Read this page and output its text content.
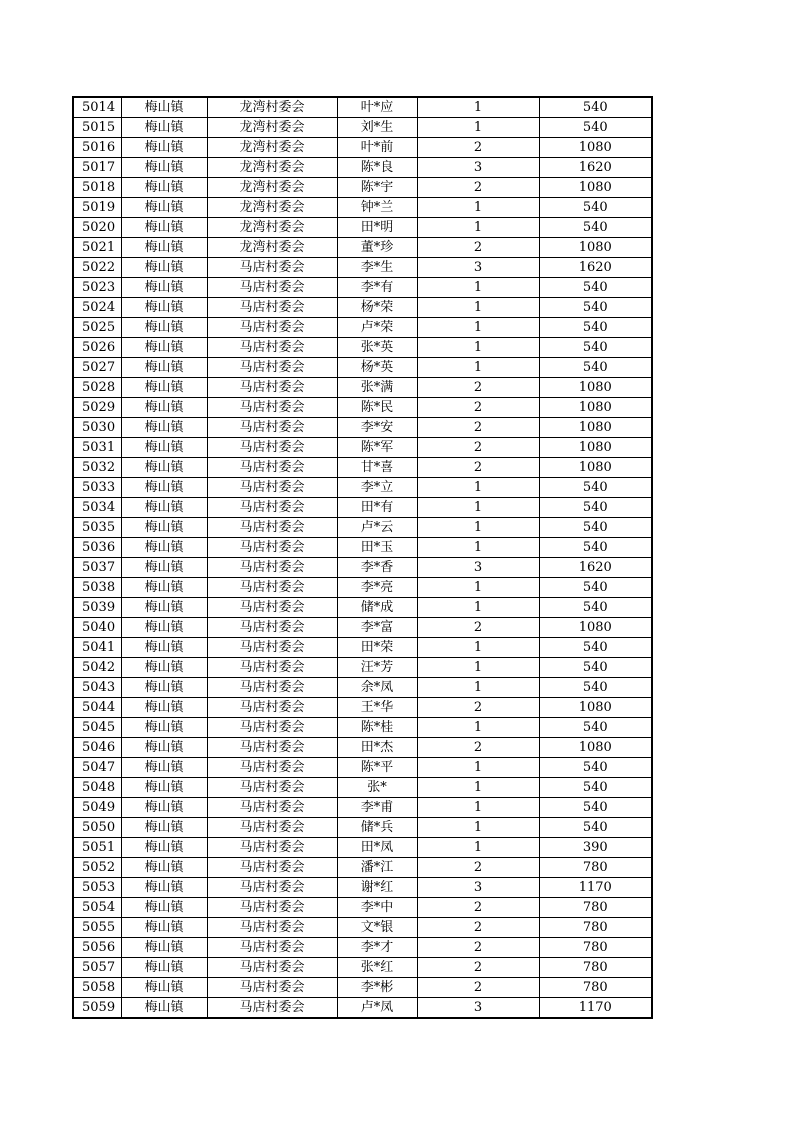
5014	梅山镇	龙湾村委会	叶*应	1	540
5015	梅山镇	龙湾村委会	刘*生	1	540
5016	梅山镇	龙湾村委会	叶*前	2	1080
5017	梅山镇	龙湾村委会	陈*良	3	1620
5018	梅山镇	龙湾村委会	陈*宇	2	1080
5019	梅山镇	龙湾村委会	钟*兰	1	540
5020	梅山镇	龙湾村委会	田*明	1	540
5021	梅山镇	龙湾村委会	董*珍	2	1080
5022	梅山镇	马店村委会	李*生	3	1620
5023	梅山镇	马店村委会	李*有	1	540
5024	梅山镇	马店村委会	杨*荣	1	540
5025	梅山镇	马店村委会	卢*荣	1	540
5026	梅山镇	马店村委会	张*英	1	540
5027	梅山镇	马店村委会	杨*英	1	540
5028	梅山镇	马店村委会	张*满	2	1080
5029	梅山镇	马店村委会	陈*民	2	1080
5030	梅山镇	马店村委会	李*安	2	1080
5031	梅山镇	马店村委会	陈*军	2	1080
5032	梅山镇	马店村委会	甘*喜	2	1080
5033	梅山镇	马店村委会	李*立	1	540
5034	梅山镇	马店村委会	田*有	1	540
5035	梅山镇	马店村委会	卢*云	1	540
5036	梅山镇	马店村委会	田*玉	1	540
5037	梅山镇	马店村委会	李*香	3	1620
5038	梅山镇	马店村委会	李*亮	1	540
5039	梅山镇	马店村委会	储*成	1	540
5040	梅山镇	马店村委会	李*富	2	1080
5041	梅山镇	马店村委会	田*荣	1	540
5042	梅山镇	马店村委会	汪*芳	1	540
5043	梅山镇	马店村委会	余*凤	1	540
5044	梅山镇	马店村委会	王*华	2	1080
5045	梅山镇	马店村委会	陈*桂	1	540
5046	梅山镇	马店村委会	田*杰	2	1080
5047	梅山镇	马店村委会	陈*平	1	540
5048	梅山镇	马店村委会	张*	1	540
5049	梅山镇	马店村委会	李*甫	1	540
5050	梅山镇	马店村委会	储*兵	1	540
5051	梅山镇	马店村委会	田*凤	1	390
5052	梅山镇	马店村委会	潘*江	2	780
5053	梅山镇	马店村委会	谢*红	3	1170
5054	梅山镇	马店村委会	李*中	2	780
5055	梅山镇	马店村委会	文*银	2	780
5056	梅山镇	马店村委会	李*才	2	780
5057	梅山镇	马店村委会	张*红	2	780
5058	梅山镇	马店村委会	李*彬	2	780
5059	梅山镇	马店村委会	卢*凤	3	1170
